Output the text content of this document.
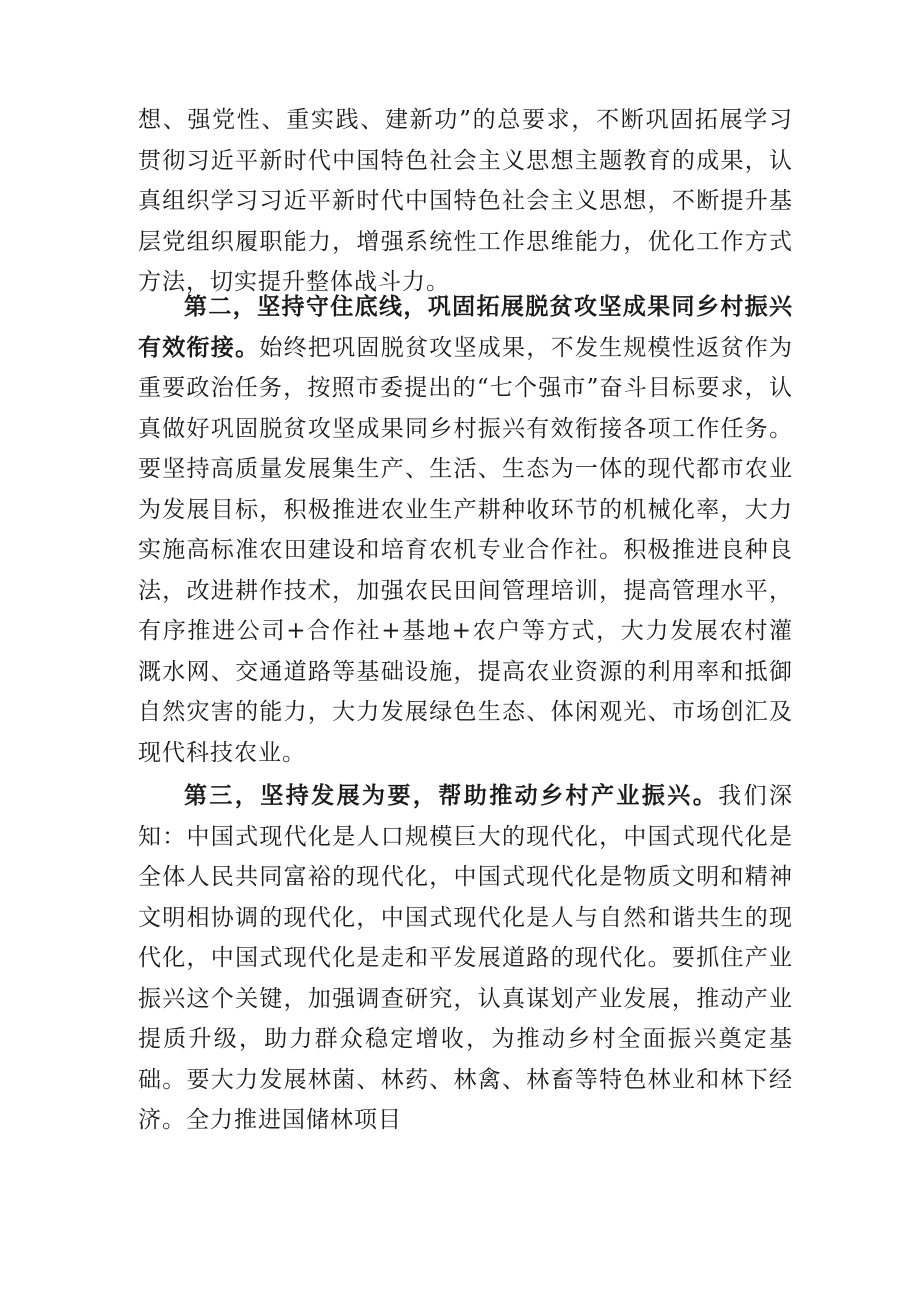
想、强党性、重实践、建新功”的总要求，不断巩固拓展学习贯彻习近平新时代中国特色社会主义思想主题教育的成果，认真组织学习习近平新时代中国特色社会主义思想，不断提升基层党组织履职能力，增强系统性工作思维能力，优化工作方式方法，切实提升整体战斗力。

第二，坚持守住底线，巩固拓展脱贫攻坚成果同乡村振兴有效衔接。始终把巩固脱贫攻坚成果，不发生规模性返贫作为重要政治任务，按照市委提出的“七个强市”奋斗目标要求，认真做好巩固脱贫攻坚成果同乡村振兴有效衔接各项工作任务。要坚持高质量发展集生产、生活、生态为一体的现代都市农业为发展目标，积极推进农业生产耕种收环节的机械化率，大力实施高标准农田建设和培育农机专业合作社。积极推进良种良法，改进耕作技术，加强农民田间管理培训，提高管理水平，有序推进公司+合作社+基地+农户等方式，大力发展农村灌溉水网、交通道路等基础设施，提高农业资源的利用率和抵御自然灾害的能力，大力发展绿色生态、体闲观光、市场创汇及现代科技农业。

第三，坚持发展为要，帮助推动乡村产业振兴。我们深知：中国式现代化是人口规模巨大的现代化，中国式现代化是全体人民共同富裕的现代化，中国式现代化是物质文明和精神文明相协调的现代化，中国式现代化是人与自然和谐共生的现代化，中国式现代化是走和平发展道路的现代化。要抓住产业振兴这个关键，加强调查研究，认真谋划产业发展，推动产业提质升级，助力群众稳定增收，为推动乡村全面振兴奠定基础。要大力发展林菌、林药、林禽、林畜等特色林业和林下经济。全力推进国储林项目
